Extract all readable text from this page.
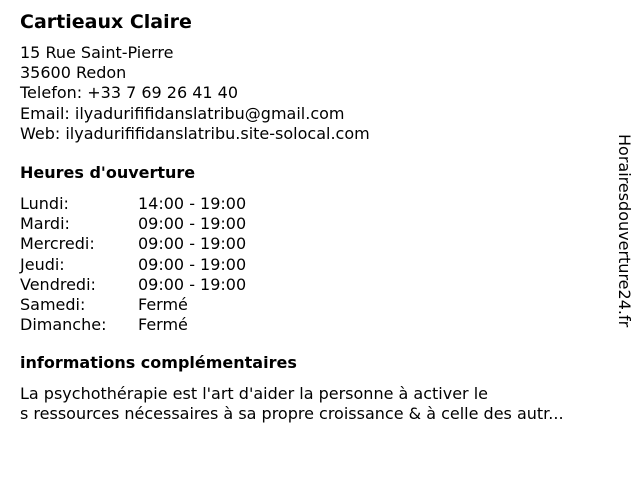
Cartieaux Claire
15 Rue Saint-Pierre
35600 Redon
Telefon: +33 7 69 26 41 40
Email: ilyadurififidanslatribu@gmail.com
Web: ilyadurififidanslatribu.site-solocal.com
Heures d'ouverture
Lundi:	14:00 - 19:00
Mardi:	09:00 - 19:00
Mercredi:	09:00 - 19:00
Jeudi:	09:00 - 19:00
Vendredi:	09:00 - 19:00
Samedi:	Fermé
Dimanche:	Fermé
informations complémentaires
La psychothérapie est l'art d'aider la personne à activer le
s ressources nécessaires à sa propre croissance & à celle des autr...
Horairesdouverture24.fr
